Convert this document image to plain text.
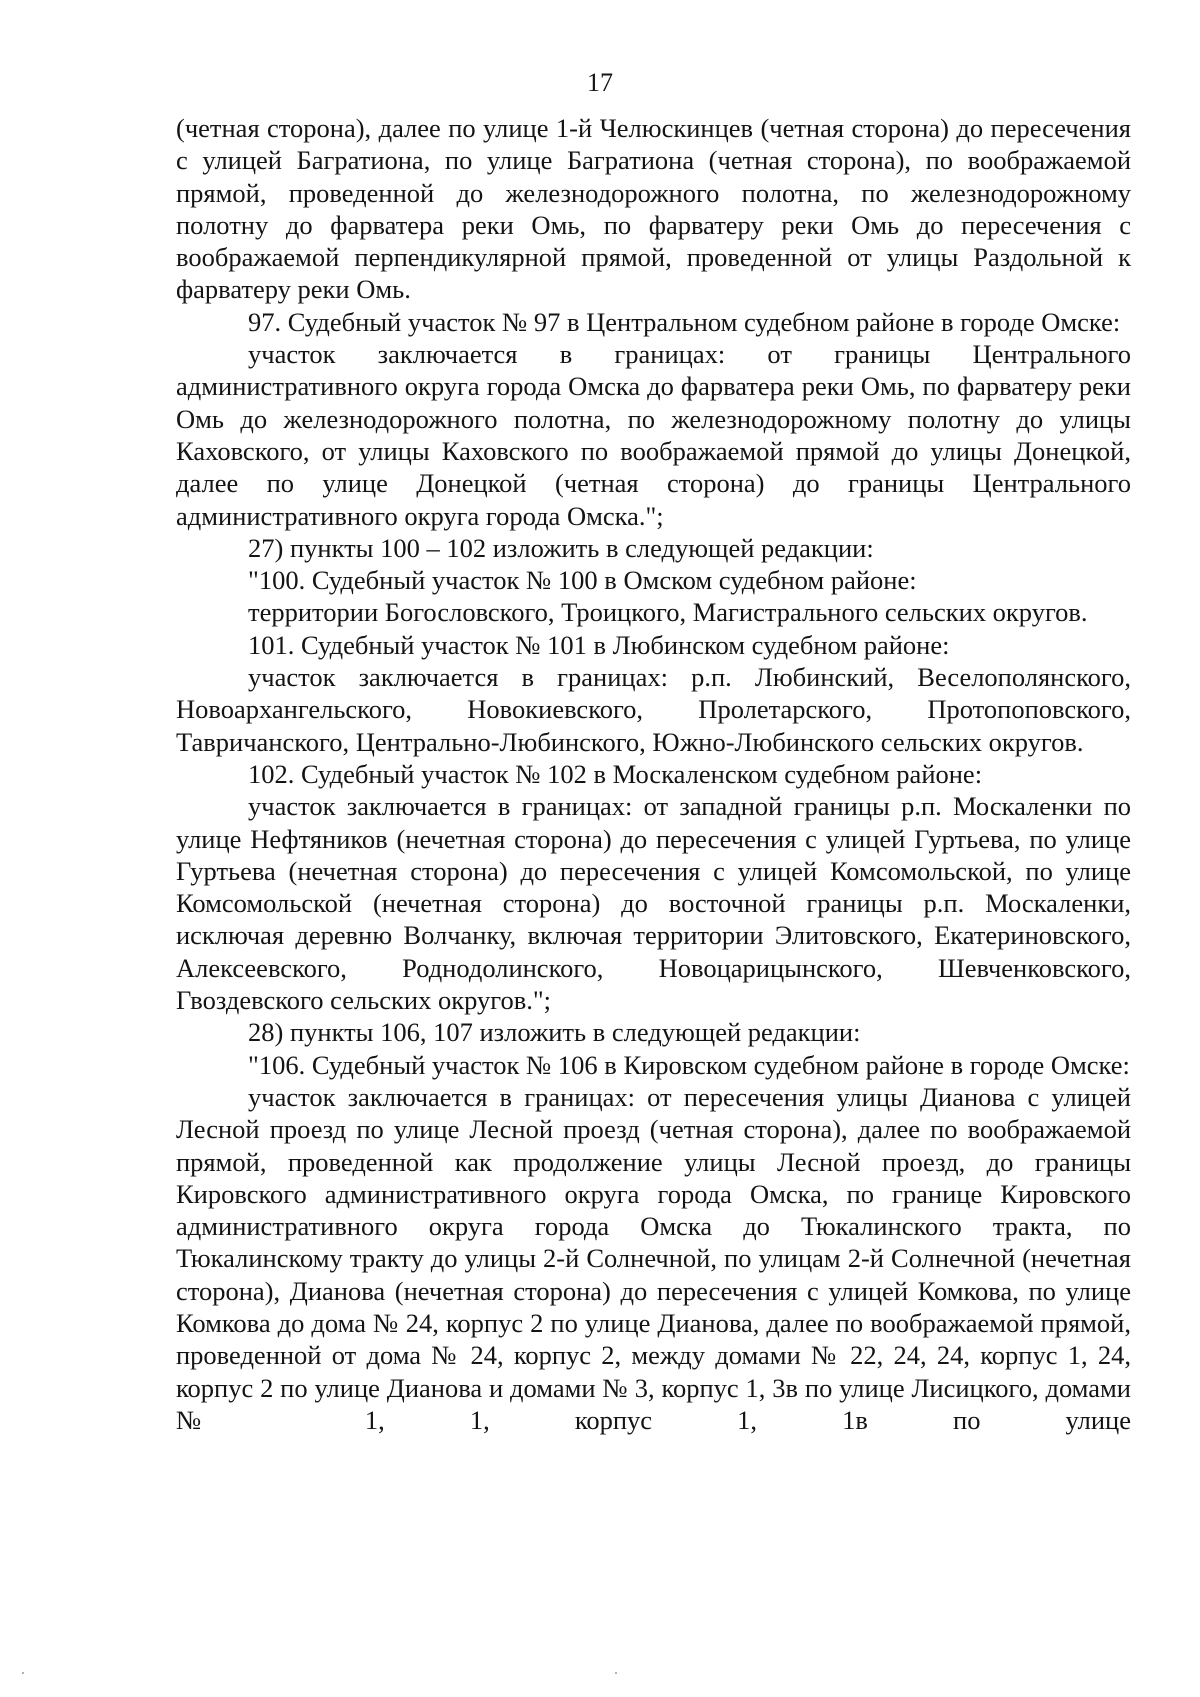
17

(четная сторона), далее по улице 1-й Челюскинцев (четная сторона) до пересечения с улицей Багратиона, по улице Багратиона (четная сторона), по воображаемой прямой, проведенной до железнодорожного полотна, по железнодорожному полотну до фарватера реки Омь, по фарватеру реки Омь до пересечения с воображаемой перпендикулярной прямой, проведенной от улицы Раздольной к фарватеру реки Омь.

97. Судебный участок № 97 в Центральном судебном районе в городе Омске:

участок заключается в границах: от границы Центрального административного округа города Омска до фарватера реки Омь, по фарватеру реки Омь до железнодорожного полотна, по железнодорожному полотну до улицы Каховского, от улицы Каховского по воображаемой прямой до улицы Донецкой, далее по улице Донецкой (четная сторона) до границы Центрального административного округа города Омска.";

27) пункты 100 – 102 изложить в следующей редакции:

"100. Судебный участок № 100 в Омском судебном районе:

территории Богословского, Троицкого, Магистрального сельских округов.

101. Судебный участок № 101 в Любинском судебном районе:

участок заключается в границах: р.п. Любинский, Веселополянского, Новоархангельского, Новокиевского, Пролетарского, Протопоповского, Тавричанского, Центрально-Любинского, Южно-Любинского сельских округов.

102. Судебный участок № 102 в Москаленском судебном районе:

участок заключается в границах: от западной границы р.п. Москаленки по улице Нефтяников (нечетная сторона) до пересечения с улицей Гуртьева, по улице Гуртьева (нечетная сторона) до пересечения с улицей Комсомольской, по улице Комсомольской (нечетная сторона) до восточной границы р.п. Москаленки, исключая деревню Волчанку, включая территории Элитовского, Екатериновского, Алексеевского, Роднодолинского, Новоцарицынского, Шевченковского, Гвоздевского сельских округов.";

28) пункты 106, 107 изложить в следующей редакции:

"106. Судебный участок № 106 в Кировском судебном районе в городе Омске:

участок заключается в границах: от пересечения улицы Дианова с улицей Лесной проезд по улице Лесной проезд (четная сторона), далее по воображаемой прямой, проведенной как продолжение улицы Лесной проезд, до границы Кировского административного округа города Омска, по границе Кировского административного округа города Омска до Тюкалинского тракта, по Тюкалинскому тракту до улицы 2-й Солнечной, по улицам 2-й Солнечной (нечетная сторона), Дианова (нечетная сторона) до пересечения с улицей Комкова, по улице Комкова до дома № 24, корпус 2 по улице Дианова, далее по воображаемой прямой, проведенной от дома № 24, корпус 2, между домами № 22, 24, 24, корпус 1, 24, корпус 2 по улице Дианова и домами № 3, корпус 1, 3в по улице Лисицкого, домами № 1, 1, корпус 1, 1в по улице
